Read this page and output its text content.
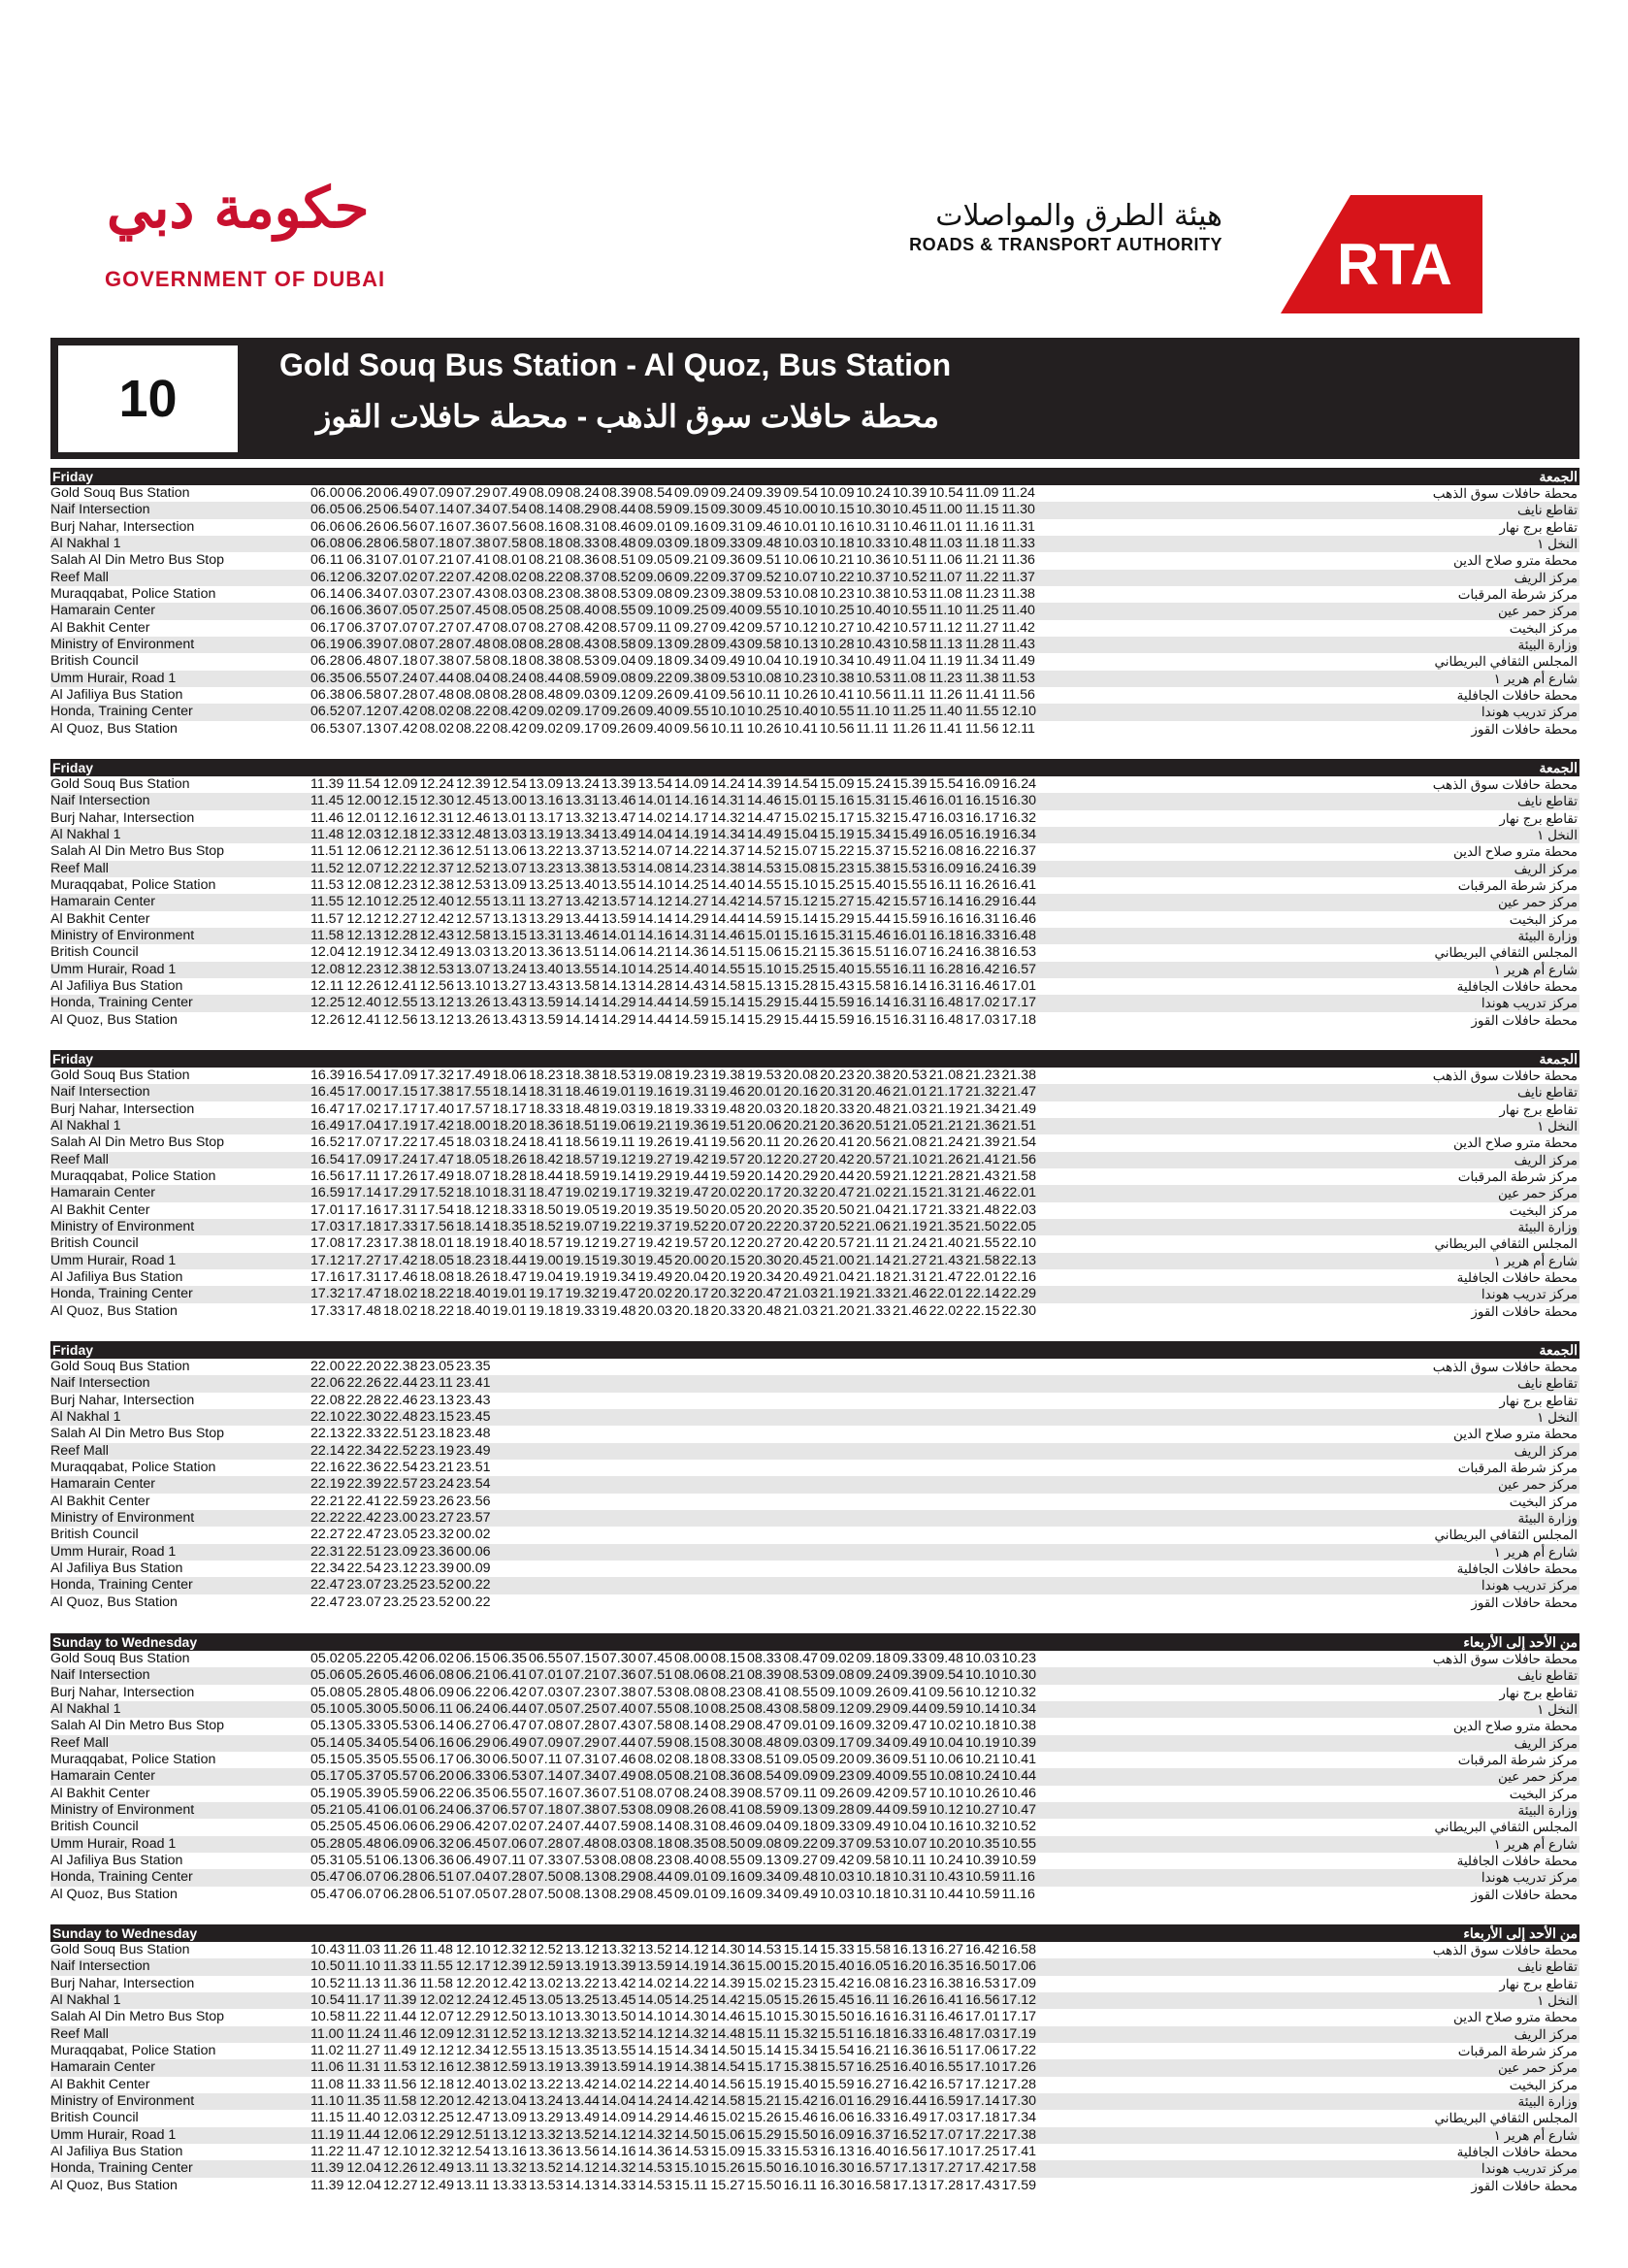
حكومة دبي
GOVERNMENT OF DUBAI
هيئة الطرق والمواصلات
ROADS & TRANSPORT AUTHORITY RTA
10
Gold Souq Bus Station - Al Quoz, Bus Station
محطة حافلات سوق الذهب - محطة حافلات القوز
Friday	الجمعة
Gold Souq Bus Station	06.00 06.20 06.49 07.09 07.29 07.49 08.09 08.24 08.39 08.54 09.09 09.24 09.39 09.54 10.09 10.24 10.39 10.54 11.09 11.24	محطة حافلات سوق الذهب
Naif Intersection	06.05 06.25 06.54 07.14 07.34 07.54 08.14 08.29 08.44 08.59 09.15 09.30 09.45 10.00 10.15 10.30 10.45 11.00 11.15 11.30	تقاطع نايف
Burj Nahar, Intersection	06.06 06.26 06.56 07.16 07.36 07.56 08.16 08.31 08.46 09.01 09.16 09.31 09.46 10.01 10.16 10.31 10.46 11.01 11.16 11.31	تقاطع برج نهار
Al Nakhal 1	06.08 06.28 06.58 07.18 07.38 07.58 08.18 08.33 08.48 09.03 09.18 09.33 09.48 10.03 10.18 10.33 10.48 11.03 11.18 11.33	النخل ١
Salah Al Din Metro Bus Stop	06.11 06.31 07.01 07.21 07.41 08.01 08.21 08.36 08.51 09.05 09.21 09.36 09.51 10.06 10.21 10.36 10.51 11.06 11.21 11.36	محطة مترو صلاح الدين
Reef Mall	06.12 06.32 07.02 07.22 07.42 08.02 08.22 08.37 08.52 09.06 09.22 09.37 09.52 10.07 10.22 10.37 10.52 11.07 11.22 11.37	مركز الريف
Muraqqabat, Police Station	06.14 06.34 07.03 07.23 07.43 08.03 08.23 08.38 08.53 09.08 09.23 09.38 09.53 10.08 10.23 10.38 10.53 11.08 11.23 11.38	مركز شرطة المرقبات
Hamarain Center	06.16 06.36 07.05 07.25 07.45 08.05 08.25 08.40 08.55 09.10 09.25 09.40 09.55 10.10 10.25 10.40 10.55 11.10 11.25 11.40	مركز حمر عين
Al Bakhit Center	06.17 06.37 07.07 07.27 07.47 08.07 08.27 08.42 08.57 09.11 09.27 09.42 09.57 10.12 10.27 10.42 10.57 11.12 11.27 11.42	مركز البخيت
Ministry of Environment	06.19 06.39 07.08 07.28 07.48 08.08 08.28 08.43 08.58 09.13 09.28 09.43 09.58 10.13 10.28 10.43 10.58 11.13 11.28 11.43	وزارة البيئة
British Council	06.28 06.48 07.18 07.38 07.58 08.18 08.38 08.53 09.04 09.18 09.34 09.49 10.04 10.19 10.34 10.49 11.04 11.19 11.34 11.49	المجلس الثقافي البريطاني
Umm Hurair, Road 1	06.35 06.55 07.24 07.44 08.04 08.24 08.44 08.59 09.08 09.22 09.38 09.53 10.08 10.23 10.38 10.53 11.08 11.23 11.38 11.53	شارع أم هرير ١
Al Jafiliya Bus Station	06.38 06.58 07.28 07.48 08.08 08.28 08.48 09.03 09.12 09.26 09.41 09.56 10.11 10.26 10.41 10.56 11.11 11.26 11.41 11.56	محطة حافلات الجافلية
Honda, Training Center	06.52 07.12 07.42 08.02 08.22 08.42 09.02 09.17 09.26 09.40 09.55 10.10 10.25 10.40 10.55 11.10 11.25 11.40 11.55 12.10	مركز تدريب هوندا
Al Quoz, Bus Station	06.53 07.13 07.42 08.02 08.22 08.42 09.02 09.17 09.26 09.40 09.56 10.11 10.26 10.41 10.56 11.11 11.26 11.41 11.56 12.11	محطة حافلات القوز
Friday	الجمعة
Gold Souq Bus Station	11.39 11.54 12.09 12.24 12.39 12.54 13.09 13.24 13.39 13.54 14.09 14.24 14.39 14.54 15.09 15.24 15.39 15.54 16.09 16.24	محطة حافلات سوق الذهب
Naif Intersection	11.45 12.00 12.15 12.30 12.45 13.00 13.16 13.31 13.46 14.01 14.16 14.31 14.46 15.01 15.16 15.31 15.46 16.01 16.15 16.30	تقاطع نايف
Burj Nahar, Intersection	11.46 12.01 12.16 12.31 12.46 13.01 13.17 13.32 13.47 14.02 14.17 14.32 14.47 15.02 15.17 15.32 15.47 16.03 16.17 16.32	تقاطع برج نهار
Al Nakhal 1	11.48 12.03 12.18 12.33 12.48 13.03 13.19 13.34 13.49 14.04 14.19 14.34 14.49 15.04 15.19 15.34 15.49 16.05 16.19 16.34	النخل ١
Salah Al Din Metro Bus Stop	11.51 12.06 12.21 12.36 12.51 13.06 13.22 13.37 13.52 14.07 14.22 14.37 14.52 15.07 15.22 15.37 15.52 16.08 16.22 16.37	محطة مترو صلاح الدين
Reef Mall	11.52 12.07 12.22 12.37 12.52 13.07 13.23 13.38 13.53 14.08 14.23 14.38 14.53 15.08 15.23 15.38 15.53 16.09 16.24 16.39	مركز الريف
Muraqqabat, Police Station	11.53 12.08 12.23 12.38 12.53 13.09 13.25 13.40 13.55 14.10 14.25 14.40 14.55 15.10 15.25 15.40 15.55 16.11 16.26 16.41	مركز شرطة المرقبات
Hamarain Center	11.55 12.10 12.25 12.40 12.55 13.11 13.27 13.42 13.57 14.12 14.27 14.42 14.57 15.12 15.27 15.42 15.57 16.14 16.29 16.44	مركز حمر عين
Al Bakhit Center	11.57 12.12 12.27 12.42 12.57 13.13 13.29 13.44 13.59 14.14 14.29 14.44 14.59 15.14 15.29 15.44 15.59 16.16 16.31 16.46	مركز البخيت
Ministry of Environment	11.58 12.13 12.28 12.43 12.58 13.15 13.31 13.46 14.01 14.16 14.31 14.46 15.01 15.16 15.31 15.46 16.01 16.18 16.33 16.48	وزارة البيئة
British Council	12.04 12.19 12.34 12.49 13.03 13.20 13.36 13.51 14.06 14.21 14.36 14.51 15.06 15.21 15.36 15.51 16.07 16.24 16.38 16.53	المجلس الثقافي البريطاني
Umm Hurair, Road 1	12.08 12.23 12.38 12.53 13.07 13.24 13.40 13.55 14.10 14.25 14.40 14.55 15.10 15.25 15.40 15.55 16.11 16.28 16.42 16.57	شارع أم هرير ١
Al Jafiliya Bus Station	12.11 12.26 12.41 12.56 13.10 13.27 13.43 13.58 14.13 14.28 14.43 14.58 15.13 15.28 15.43 15.58 16.14 16.31 16.46 17.01	محطة حافلات الجافلية
Honda, Training Center	12.25 12.40 12.55 13.12 13.26 13.43 13.59 14.14 14.29 14.44 14.59 15.14 15.29 15.44 15.59 16.14 16.31 16.48 17.02 17.17	مركز تدريب هوندا
Al Quoz, Bus Station	12.26 12.41 12.56 13.12 13.26 13.43 13.59 14.14 14.29 14.44 14.59 15.14 15.29 15.44 15.59 16.15 16.31 16.48 17.03 17.18	محطة حافلات القوز
Friday	الجمعة
Gold Souq Bus Station	16.39 16.54 17.09 17.32 17.49 18.06 18.23 18.38 18.53 19.08 19.23 19.38 19.53 20.08 20.23 20.38 20.53 21.08 21.23 21.38	محطة حافلات سوق الذهب
Naif Intersection	16.45 17.00 17.15 17.38 17.55 18.14 18.31 18.46 19.01 19.16 19.31 19.46 20.01 20.16 20.31 20.46 21.01 21.17 21.32 21.47	تقاطع نايف
Burj Nahar, Intersection	16.47 17.02 17.17 17.40 17.57 18.17 18.33 18.48 19.03 19.18 19.33 19.48 20.03 20.18 20.33 20.48 21.03 21.19 21.34 21.49	تقاطع برج نهار
Al Nakhal 1	16.49 17.04 17.19 17.42 18.00 18.20 18.36 18.51 19.06 19.21 19.36 19.51 20.06 20.21 20.36 20.51 21.05 21.21 21.36 21.51	النخل ١
Salah Al Din Metro Bus Stop	16.52 17.07 17.22 17.45 18.03 18.24 18.41 18.56 19.11 19.26 19.41 19.56 20.11 20.26 20.41 20.56 21.08 21.24 21.39 21.54	محطة مترو صلاح الدين
Reef Mall	16.54 17.09 17.24 17.47 18.05 18.26 18.42 18.57 19.12 19.27 19.42 19.57 20.12 20.27 20.42 20.57 21.10 21.26 21.41 21.56	مركز الريف
Muraqqabat, Police Station	16.56 17.11 17.26 17.49 18.07 18.28 18.44 18.59 19.14 19.29 19.44 19.59 20.14 20.29 20.44 20.59 21.12 21.28 21.43 21.58	مركز شرطة المرقبات
Hamarain Center	16.59 17.14 17.29 17.52 18.10 18.31 18.47 19.02 19.17 19.32 19.47 20.02 20.17 20.32 20.47 21.02 21.15 21.31 21.46 22.01	مركز حمر عين
Al Bakhit Center	17.01 17.16 17.31 17.54 18.12 18.33 18.50 19.05 19.20 19.35 19.50 20.05 20.20 20.35 20.50 21.04 21.17 21.33 21.48 22.03	مركز البخيت
Ministry of Environment	17.03 17.18 17.33 17.56 18.14 18.35 18.52 19.07 19.22 19.37 19.52 20.07 20.22 20.37 20.52 21.06 21.19 21.35 21.50 22.05	وزارة البيئة
British Council	17.08 17.23 17.38 18.01 18.19 18.40 18.57 19.12 19.27 19.42 19.57 20.12 20.27 20.42 20.57 21.11 21.24 21.40 21.55 22.10	المجلس الثقافي البريطاني
Umm Hurair, Road 1	17.12 17.27 17.42 18.05 18.23 18.44 19.00 19.15 19.30 19.45 20.00 20.15 20.30 20.45 21.00 21.14 21.27 21.43 21.58 22.13	شارع أم هرير ١
Al Jafiliya Bus Station	17.16 17.31 17.46 18.08 18.26 18.47 19.04 19.19 19.34 19.49 20.04 20.19 20.34 20.49 21.04 21.18 21.31 21.47 22.01 22.16	محطة حافلات الجافلية
Honda, Training Center	17.32 17.47 18.02 18.22 18.40 19.01 19.17 19.32 19.47 20.02 20.17 20.32 20.47 21.03 21.19 21.33 21.46 22.01 22.14 22.29	مركز تدريب هوندا
Al Quoz, Bus Station	17.33 17.48 18.02 18.22 18.40 19.01 19.18 19.33 19.48 20.03 20.18 20.33 20.48 21.03 21.20 21.33 21.46 22.02 22.15 22.30	محطة حافلات القوز
Friday	الجمعة
Gold Souq Bus Station	22.00 22.20 22.38 23.05 23.35	محطة حافلات سوق الذهب
Naif Intersection	22.06 22.26 22.44 23.11 23.41	تقاطع نايف
Burj Nahar, Intersection	22.08 22.28 22.46 23.13 23.43	تقاطع برج نهار
Al Nakhal 1	22.10 22.30 22.48 23.15 23.45	النخل ١
Salah Al Din Metro Bus Stop	22.13 22.33 22.51 23.18 23.48	محطة مترو صلاح الدين
Reef Mall	22.14 22.34 22.52 23.19 23.49	مركز الريف
Muraqqabat, Police Station	22.16 22.36 22.54 23.21 23.51	مركز شرطة المرقبات
Hamarain Center	22.19 22.39 22.57 23.24 23.54	مركز حمر عين
Al Bakhit Center	22.21 22.41 22.59 23.26 23.56	مركز البخيت
Ministry of Environment	22.22 22.42 23.00 23.27 23.57	وزارة البيئة
British Council	22.27 22.47 23.05 23.32 00.02	المجلس الثقافي البريطاني
Umm Hurair, Road 1	22.31 22.51 23.09 23.36 00.06	شارع أم هرير ١
Al Jafiliya Bus Station	22.34 22.54 23.12 23.39 00.09	محطة حافلات الجافلية
Honda, Training Center	22.47 23.07 23.25 23.52 00.22	مركز تدريب هوندا
Al Quoz, Bus Station	22.47 23.07 23.25 23.52 00.22	محطة حافلات القوز
Sunday to Wednesday	من الأحد إلى الأربعاء
Gold Souq Bus Station	05.02 05.22 05.42 06.02 06.15 06.35 06.55 07.15 07.30 07.45 08.00 08.15 08.33 08.47 09.02 09.18 09.33 09.48 10.03 10.23	محطة حافلات سوق الذهب
Naif Intersection	05.06 05.26 05.46 06.08 06.21 06.41 07.01 07.21 07.36 07.51 08.06 08.21 08.39 08.53 09.08 09.24 09.39 09.54 10.10 10.30	تقاطع نايف
Burj Nahar, Intersection	05.08 05.28 05.48 06.09 06.22 06.42 07.03 07.23 07.38 07.53 08.08 08.23 08.41 08.55 09.10 09.26 09.41 09.56 10.12 10.32	تقاطع برج نهار
Al Nakhal 1	05.10 05.30 05.50 06.11 06.24 06.44 07.05 07.25 07.40 07.55 08.10 08.25 08.43 08.58 09.12 09.29 09.44 09.59 10.14 10.34	النخل ١
Salah Al Din Metro Bus Stop	05.13 05.33 05.53 06.14 06.27 06.47 07.08 07.28 07.43 07.58 08.14 08.29 08.47 09.01 09.16 09.32 09.47 10.02 10.18 10.38	محطة مترو صلاح الدين
Reef Mall	05.14 05.34 05.54 06.16 06.29 06.49 07.09 07.29 07.44 07.59 08.15 08.30 08.48 09.03 09.17 09.34 09.49 10.04 10.19 10.39	مركز الريف
Muraqqabat, Police Station	05.15 05.35 05.55 06.17 06.30 06.50 07.11 07.31 07.46 08.02 08.18 08.33 08.51 09.05 09.20 09.36 09.51 10.06 10.21 10.41	مركز شرطة المرقبات
Hamarain Center	05.17 05.37 05.57 06.20 06.33 06.53 07.14 07.34 07.49 08.05 08.21 08.36 08.54 09.09 09.23 09.40 09.55 10.08 10.24 10.44	مركز حمر عين
Al Bakhit Center	05.19 05.39 05.59 06.22 06.35 06.55 07.16 07.36 07.51 08.07 08.24 08.39 08.57 09.11 09.26 09.42 09.57 10.10 10.26 10.46	مركز البخيت
Ministry of Environment	05.21 05.41 06.01 06.24 06.37 06.57 07.18 07.38 07.53 08.09 08.26 08.41 08.59 09.13 09.28 09.44 09.59 10.12 10.27 10.47	وزارة البيئة
British Council	05.25 05.45 06.06 06.29 06.42 07.02 07.24 07.44 07.59 08.14 08.31 08.46 09.04 09.18 09.33 09.49 10.04 10.16 10.32 10.52	المجلس الثقافي البريطاني
Umm Hurair, Road 1	05.28 05.48 06.09 06.32 06.45 07.06 07.28 07.48 08.03 08.18 08.35 08.50 09.08 09.22 09.37 09.53 10.07 10.20 10.35 10.55	شارع أم هرير ١
Al Jafiliya Bus Station	05.31 05.51 06.13 06.36 06.49 07.11 07.33 07.53 08.08 08.23 08.40 08.55 09.13 09.27 09.42 09.58 10.11 10.24 10.39 10.59	محطة حافلات الجافلية
Honda, Training Center	05.47 06.07 06.28 06.51 07.04 07.28 07.50 08.13 08.29 08.44 09.01 09.16 09.34 09.48 10.03 10.18 10.31 10.43 10.59 11.16	مركز تدريب هوندا
Al Quoz, Bus Station	05.47 06.07 06.28 06.51 07.05 07.28 07.50 08.13 08.29 08.45 09.01 09.16 09.34 09.49 10.03 10.18 10.31 10.44 10.59 11.16	محطة حافلات القوز
Sunday to Wednesday	من الأحد إلى الأربعاء
Gold Souq Bus Station	10.43 11.03 11.26 11.48 12.10 12.32 12.52 13.12 13.32 13.52 14.12 14.30 14.53 15.14 15.33 15.58 16.13 16.27 16.42 16.58	محطة حافلات سوق الذهب
Naif Intersection	10.50 11.10 11.33 11.55 12.17 12.39 12.59 13.19 13.39 13.59 14.19 14.36 15.00 15.20 15.40 16.05 16.20 16.35 16.50 17.06	تقاطع نايف
Burj Nahar, Intersection	10.52 11.13 11.36 11.58 12.20 12.42 13.02 13.22 13.42 14.02 14.22 14.39 15.02 15.23 15.42 16.08 16.23 16.38 16.53 17.09	تقاطع برج نهار
Al Nakhal 1	10.54 11.17 11.39 12.02 12.24 12.45 13.05 13.25 13.45 14.05 14.25 14.42 15.05 15.26 15.45 16.11 16.26 16.41 16.56 17.12	النخل ١
Salah Al Din Metro Bus Stop	10.58 11.22 11.44 12.07 12.29 12.50 13.10 13.30 13.50 14.10 14.30 14.46 15.10 15.30 15.50 16.16 16.31 16.46 17.01 17.17	محطة مترو صلاح الدين
Reef Mall	11.00 11.24 11.46 12.09 12.31 12.52 13.12 13.32 13.52 14.12 14.32 14.48 15.11 15.32 15.51 16.18 16.33 16.48 17.03 17.19	مركز الريف
Muraqqabat, Police Station	11.02 11.27 11.49 12.12 12.34 12.55 13.15 13.35 13.55 14.15 14.34 14.50 15.14 15.34 15.54 16.21 16.36 16.51 17.06 17.22	مركز شرطة المرقبات
Hamarain Center	11.06 11.31 11.53 12.16 12.38 12.59 13.19 13.39 13.59 14.19 14.38 14.54 15.17 15.38 15.57 16.25 16.40 16.55 17.10 17.26	مركز حمر عين
Al Bakhit Center	11.08 11.33 11.56 12.18 12.40 13.02 13.22 13.42 14.02 14.22 14.40 14.56 15.19 15.40 15.59 16.27 16.42 16.57 17.12 17.28	مركز البخيت
Ministry of Environment	11.10 11.35 11.58 12.20 12.42 13.04 13.24 13.44 14.04 14.24 14.42 14.58 15.21 15.42 16.01 16.29 16.44 16.59 17.14 17.30	وزارة البيئة
British Council	11.15 11.40 12.03 12.25 12.47 13.09 13.29 13.49 14.09 14.29 14.46 15.02 15.26 15.46 16.06 16.33 16.49 17.03 17.18 17.34	المجلس الثقافي البريطاني
Umm Hurair, Road 1	11.19 11.44 12.06 12.29 12.51 13.12 13.32 13.52 14.12 14.32 14.50 15.06 15.29 15.50 16.09 16.37 16.52 17.07 17.22 17.38	شارع أم هرير ١
Al Jafiliya Bus Station	11.22 11.47 12.10 12.32 12.54 13.16 13.36 13.56 14.16 14.36 14.53 15.09 15.33 15.53 16.13 16.40 16.56 17.10 17.25 17.41	محطة حافلات الجافلية
Honda, Training Center	11.39 12.04 12.26 12.49 13.11 13.32 13.52 14.12 14.32 14.53 15.10 15.26 15.50 16.10 16.30 16.57 17.13 17.27 17.42 17.58	مركز تدريب هوندا
Al Quoz, Bus Station	11.39 12.04 12.27 12.49 13.11 13.33 13.53 14.13 14.33 14.53 15.11 15.27 15.50 16.11 16.30 16.58 17.13 17.28 17.43 17.59	محطة حافلات القوز
